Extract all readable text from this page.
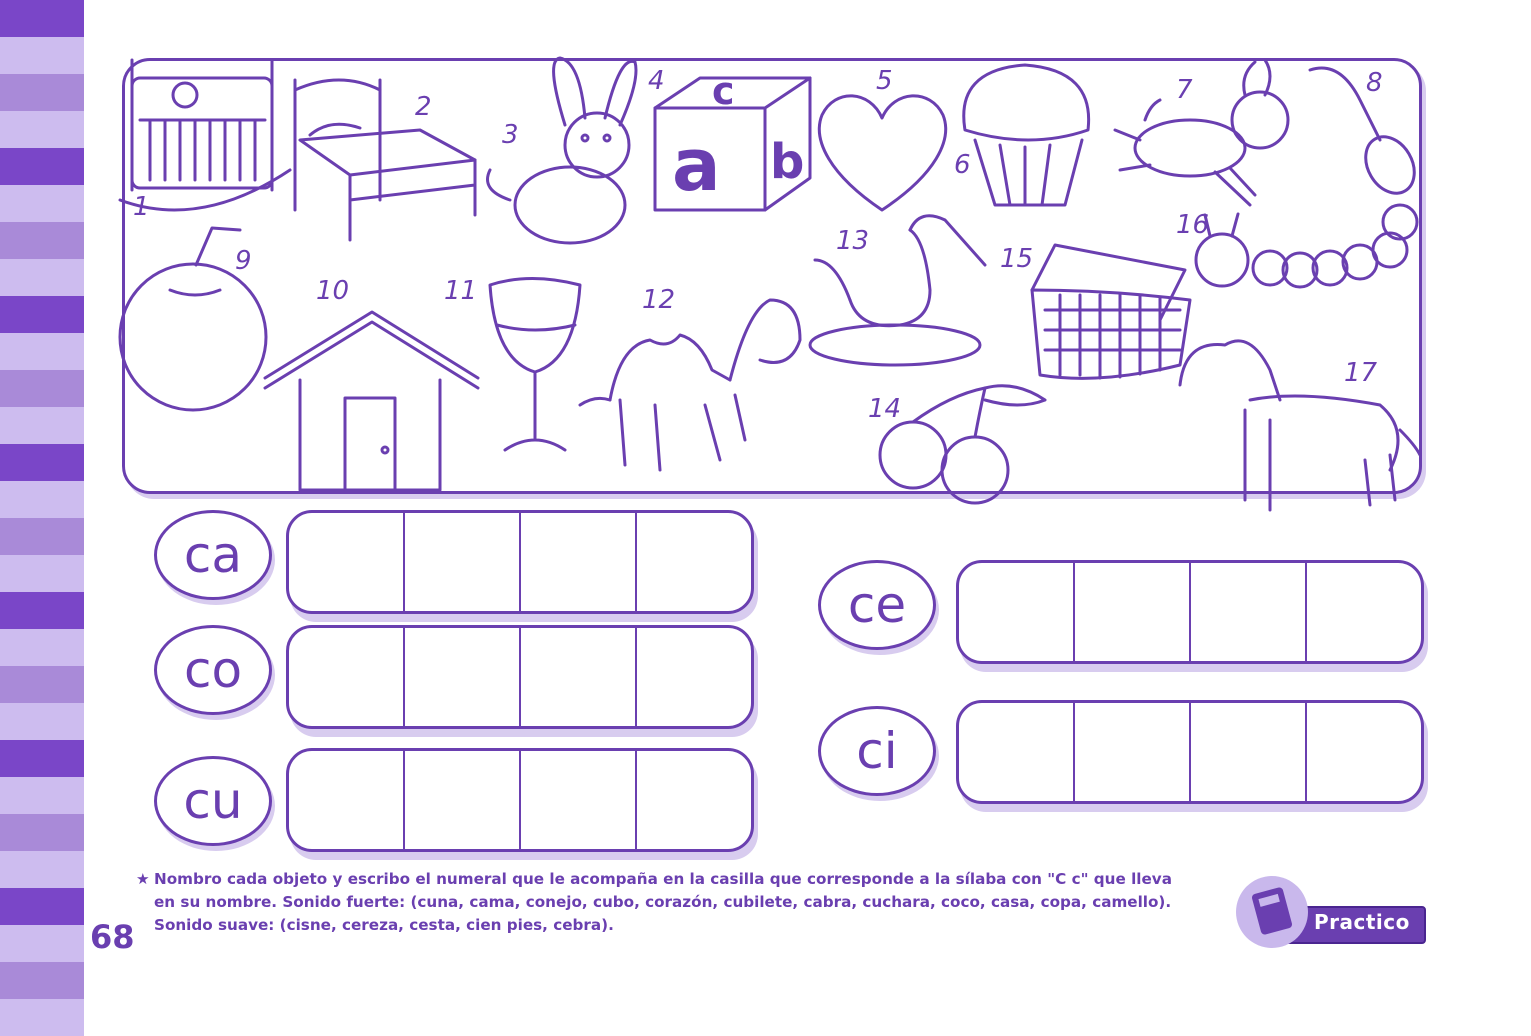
a b
c
1
2
3
4	5
6
7	8
9
10	11	12
13
14
15
16
17
ca
co
cu
ce
ci
★ Nombro cada objeto y escribo el numeral que le acompaña en la casilla que corresponde a la sílaba con "C c" que lleva
en su nombre. Sonido fuerte: (cuna, cama, conejo, cubo, corazón, cubilete, cabra, cuchara, coco, casa, copa, camello).
Sonido suave: (cisne, cereza, cesta, cien pies, cebra).
68	Practico
